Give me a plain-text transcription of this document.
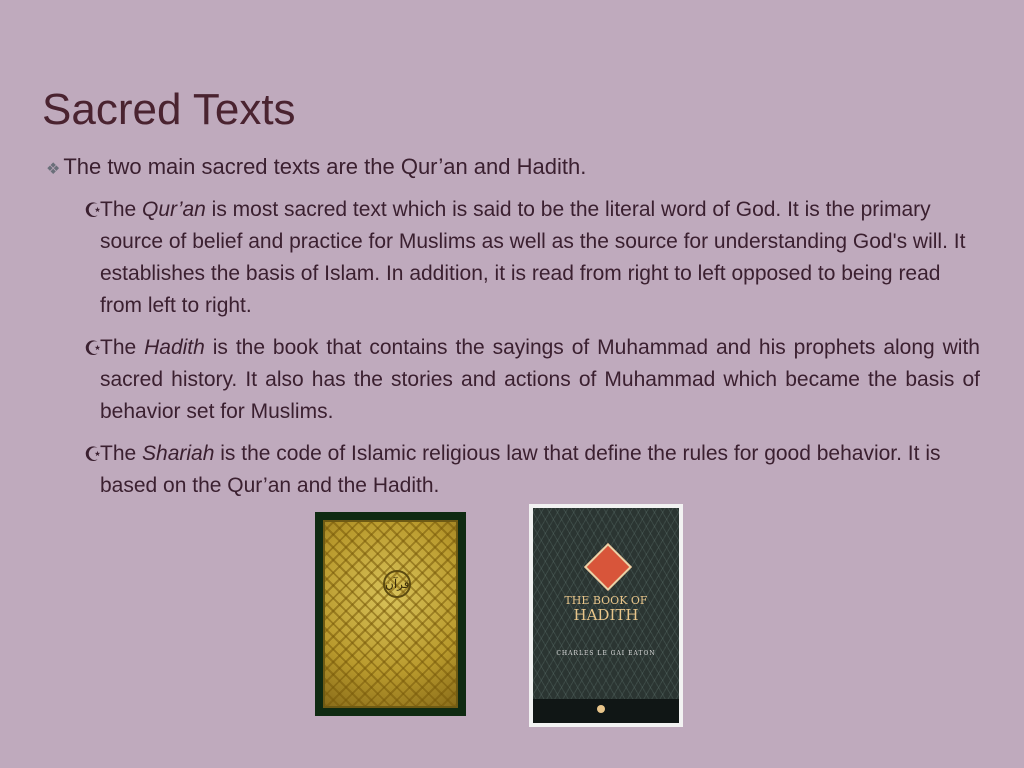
Sacred Texts
❖ The two main sacred texts are the Qur’an and Hadith.
☪
The Qur’an is most sacred text which is said to be the literal word of God. It is the primary source of belief and practice for Muslims as well as the source for understanding God's will. It establishes the basis of Islam. In addition, it is read from right to left opposed to being read from left to right.
☪
The Hadith is the book that contains the sayings of Muhammad and his prophets along with sacred history. It also has the stories and actions of Muhammad which became the basis of behavior set for Muslims.
☪
The Shariah is the code of Islamic religious law that define the rules for good behavior. It is based on the Qur’an and the Hadith.
قرآن
THE BOOK OF
HADITH
CHARLES LE GAI EATON
